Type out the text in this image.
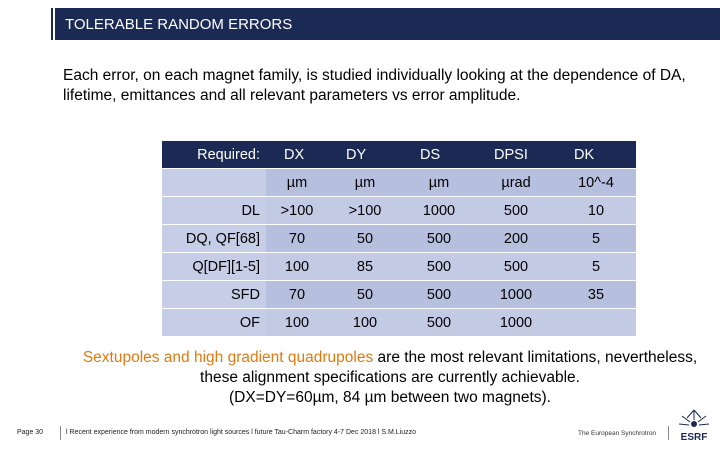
TOLERABLE RANDOM ERRORS
Each error, on each magnet family, is studied individually looking at the dependence of DA, lifetime, emittances and all relevant parameters vs error amplitude.
Required:	DX	DY	DS	DPSI	DK
	µm	µm	µm	µrad	10^-4
DL	>100	>100	1000	500	10
DQ, QF[68]	70	50	500	200	5
Q[DF][1-5]	100	85	500	500	5
SFD	70	50	500	1000	35
OF	100	100	500	1000	
Sextupoles and high gradient quadrupoles are the most relevant limitations, nevertheless, these alignment specifications are currently achievable.
(DX=DY=60µm, 84 µm between two magnets).
Page 30	l Recent experience from modern synchrotron light sources l future Tau-Charm factory 4-7 Dec 2018 l S.M.Liuzzo	The European Synchrotron ESRF
